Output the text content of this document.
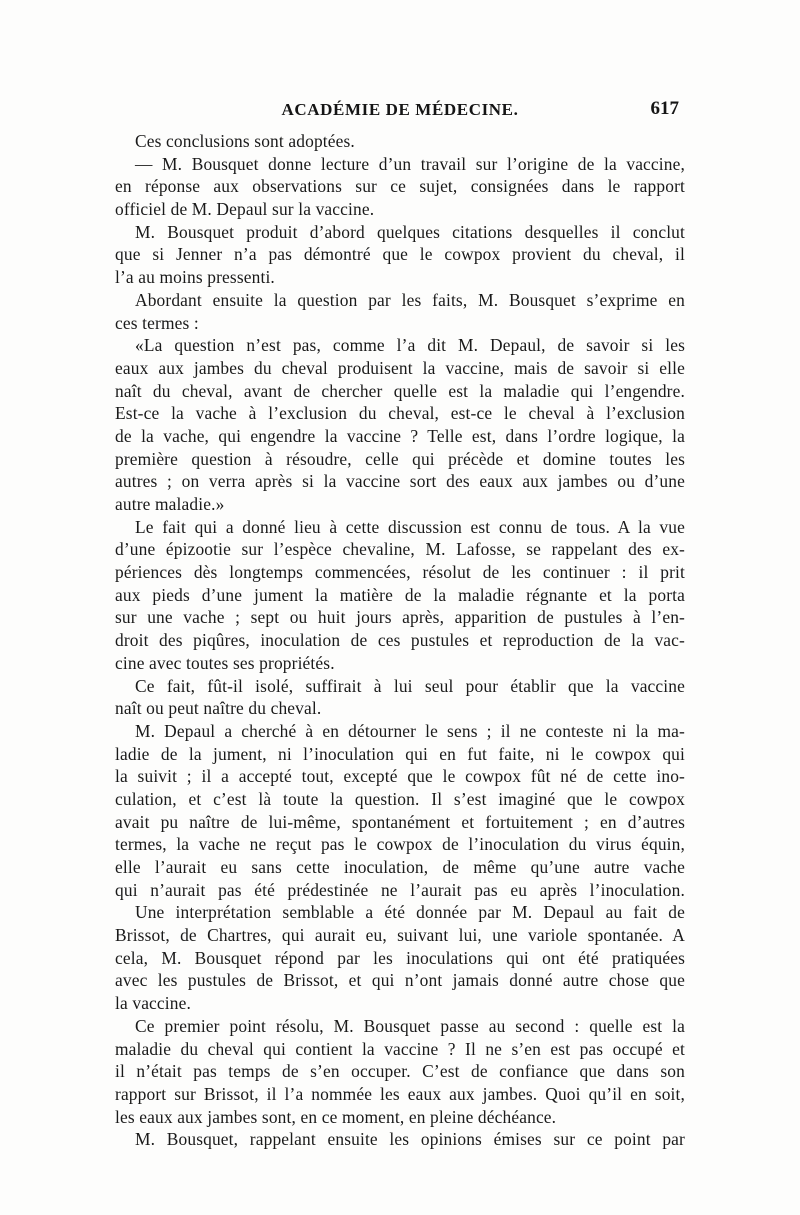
ACADÉMIE DE MÉDECINE.	617
Ces conclusions sont adoptées.
— M. Bousquet donne lecture d’un travail sur l’origine de la vaccine,
en réponse aux observations sur ce sujet, consignées dans le rapport
officiel de M. Depaul sur la vaccine.
M. Bousquet produit d’abord quelques citations desquelles il conclut
que si Jenner n’a pas démontré que le cowpox provient du cheval, il
l’a au moins pressenti.
Abordant ensuite la question par les faits, M. Bousquet s’exprime en
ces termes :
«La question n’est pas, comme l’a dit M. Depaul, de savoir si les
eaux aux jambes du cheval produisent la vaccine, mais de savoir si elle
naît du cheval, avant de chercher quelle est la maladie qui l’engendre.
Est-ce la vache à l’exclusion du cheval, est-ce le cheval à l’exclusion
de la vache, qui engendre la vaccine ? Telle est, dans l’ordre logique, la
première question à résoudre, celle qui précède et domine toutes les
autres ; on verra après si la vaccine sort des eaux aux jambes ou d’une
autre maladie.»
Le fait qui a donné lieu à cette discussion est connu de tous. A la vue
d’une épizootie sur l’espèce chevaline, M. Lafosse, se rappelant des ex-
périences dès longtemps commencées, résolut de les continuer : il prit
aux pieds d’une jument la matière de la maladie régnante et la porta
sur une vache ; sept ou huit jours après, apparition de pustules à l’en-
droit des piqûres, inoculation de ces pustules et reproduction de la vac-
cine avec toutes ses propriétés.
Ce fait, fût-il isolé, suffirait à lui seul pour établir que la vaccine
naît ou peut naître du cheval.
M. Depaul a cherché à en détourner le sens ; il ne conteste ni la ma-
ladie de la jument, ni l’inoculation qui en fut faite, ni le cowpox qui
la suivit ; il a accepté tout, excepté que le cowpox fût né de cette ino-
culation, et c’est là toute la question. Il s’est imaginé que le cowpox
avait pu naître de lui-même, spontanément et fortuitement ; en d’autres
termes, la vache ne reçut pas le cowpox de l’inoculation du virus équin,
elle l’aurait eu sans cette inoculation, de même qu’une autre vache
qui n’aurait pas été prédestinée ne l’aurait pas eu après l’inoculation.
Une interprétation semblable a été donnée par M. Depaul au fait de
Brissot, de Chartres, qui aurait eu, suivant lui, une variole spontanée. A
cela, M. Bousquet répond par les inoculations qui ont été pratiquées
avec les pustules de Brissot, et qui n’ont jamais donné autre chose que
la vaccine.
Ce premier point résolu, M. Bousquet passe au second : quelle est la
maladie du cheval qui contient la vaccine ? Il ne s’en est pas occupé et
il n’était pas temps de s’en occuper. C’est de confiance que dans son
rapport sur Brissot, il l’a nommée les eaux aux jambes. Quoi qu’il en soit,
les eaux aux jambes sont, en ce moment, en pleine déchéance.
M. Bousquet, rappelant ensuite les opinions émises sur ce point par
